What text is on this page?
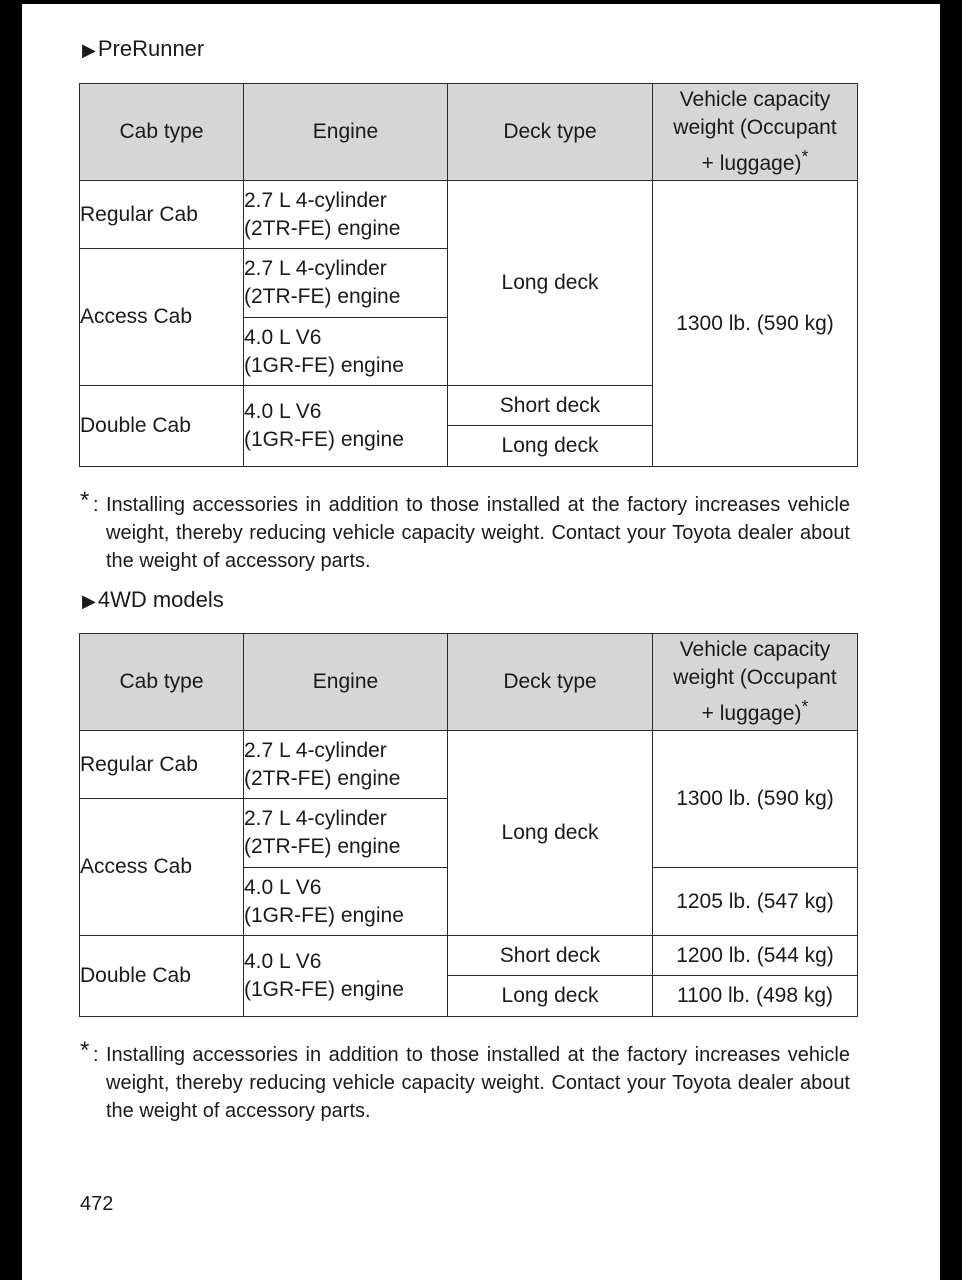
▶PreRunner
Cab type	Engine	Deck type	Vehicle capacity
weight (Occupant
+ luggage)*

Regular Cab	2.7 L 4-cylinder
(2TR-FE) engine	Long deck	1300 lb. (590 kg)
Access Cab	2.7 L 4-cylinder
(2TR-FE) engine		

	4.0 L V6
(1GR-FE) engine		

Double Cab	4.0 L V6
(1GR-FE) engine	Short deck	
		Long deck	
* : Installing accessories in addition to those installed at the factory increases vehicle weight, thereby reducing vehicle capacity weight. Contact your Toyota dealer about the weight of accessory parts.
▶4WD models
Cab type	Engine	Deck type	Vehicle capacity
weight (Occupant
+ luggage)*

Regular Cab	2.7 L 4-cylinder
(2TR-FE) engine	Long deck	1300 lb. (590 kg)
Access Cab	2.7 L 4-cylinder
(2TR-FE) engine		

	4.0 L V6
(1GR-FE) engine		1205 lb. (547 kg)
Double Cab	4.0 L V6
(1GR-FE) engine	Short deck	1200 lb. (544 kg)
		Long deck	1100 lb. (498 kg)
* : Installing accessories in addition to those installed at the factory increases vehicle weight, thereby reducing vehicle capacity weight. Contact your Toyota dealer about the weight of accessory parts.
472
